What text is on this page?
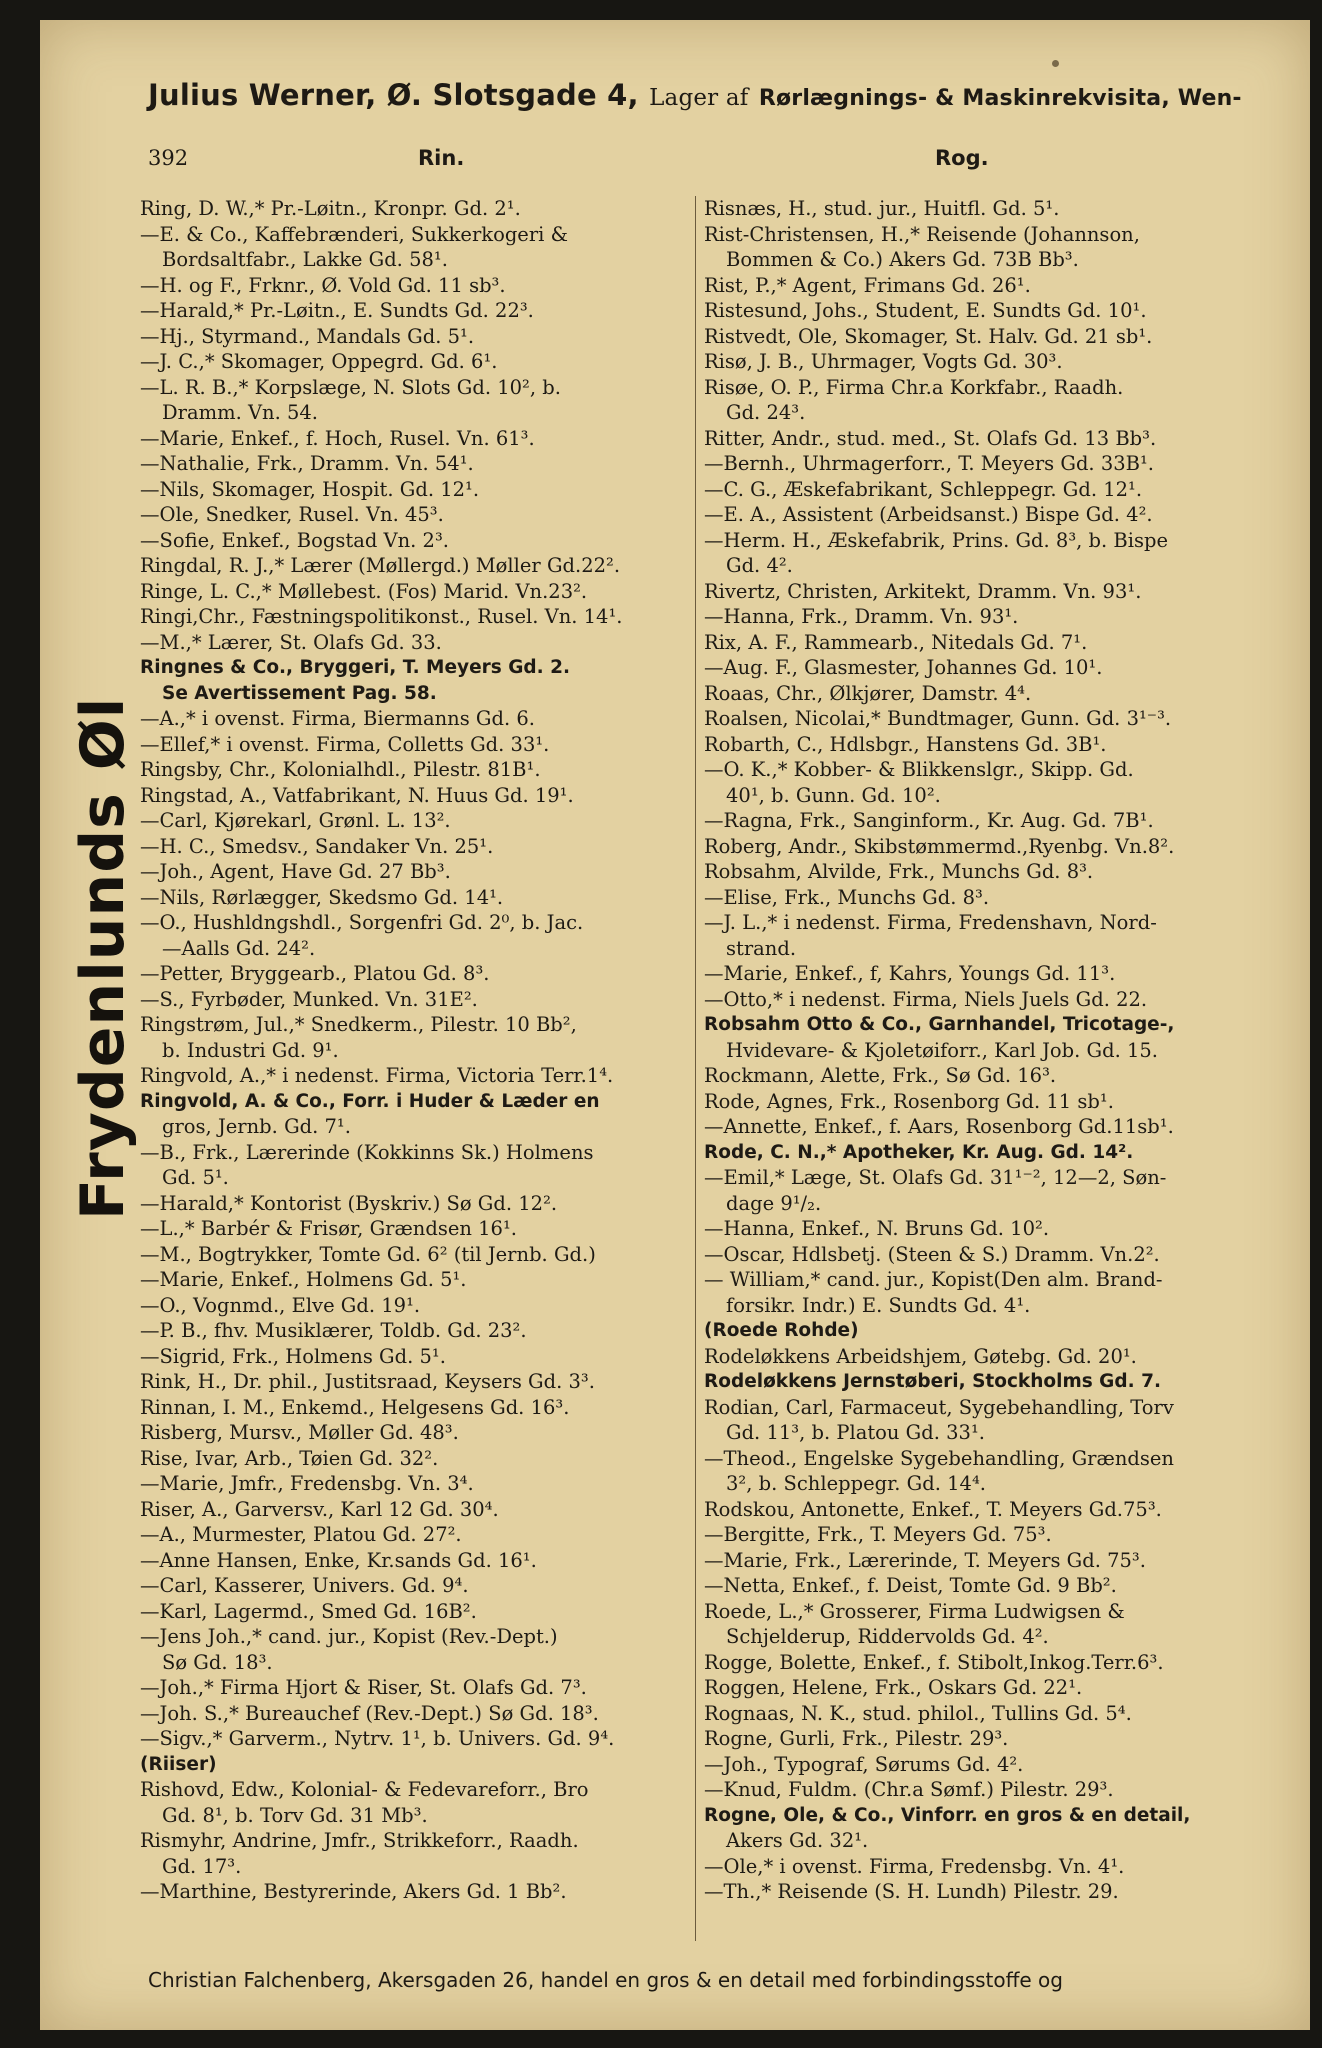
Julius Werner, Ø. Slotsgade 4, Lager af Rørlægnings- & Maskinrekvisita, Wen-
392	Rin.	Rog.
Frydenlunds Øl
Ring, D. W.,* Pr.-Løitn., Kronpr. Gd. 2¹.
—E. & Co., Kaffebrænderi, Sukkerkogeri &
Bordsaltfabr., Lakke Gd. 58¹.
—H. og F., Frknr., Ø. Vold Gd. 11 sb³.
—Harald,* Pr.-Løitn., E. Sundts Gd. 22³.
—Hj., Styrmand., Mandals Gd. 5¹.
—J. C.,* Skomager, Oppegrd. Gd. 6¹.
—L. R. B.,* Korpslæge, N. Slots Gd. 10², b.
Dramm. Vn. 54.
—Marie, Enkef., f. Hoch, Rusel. Vn. 61³.
—Nathalie, Frk., Dramm. Vn. 54¹.
—Nils, Skomager, Hospit. Gd. 12¹.
—Ole, Snedker, Rusel. Vn. 45³.
—Sofie, Enkef., Bogstad Vn. 2³.
Ringdal, R. J.,* Lærer (Møllergd.) Møller Gd.22².
Ringe, L. C.,* Møllebest. (Fos) Marid. Vn.23².
Ringi,Chr., Fæstningspolitikonst., Rusel. Vn. 14¹.
—M.,* Lærer, St. Olafs Gd. 33.
Ringnes & Co., Bryggeri, T. Meyers Gd. 2.
Se Avertissement Pag. 58.
—A.,* i ovenst. Firma, Biermanns Gd. 6.
—Ellef,* i ovenst. Firma, Colletts Gd. 33¹.
Ringsby, Chr., Kolonialhdl., Pilestr. 81B¹.
Ringstad, A., Vatfabrikant, N. Huus Gd. 19¹.
—Carl, Kjørekarl, Grønl. L. 13².
—H. C., Smedsv., Sandaker Vn. 25¹.
—Joh., Agent, Have Gd. 27 Bb³.
—Nils, Rørlægger, Skedsmo Gd. 14¹.
—O., Hushldngshdl., Sorgenfri Gd. 2⁰, b. Jac.
—Aalls Gd. 24².
—Petter, Bryggearb., Platou Gd. 8³.
—S., Fyrbøder, Munked. Vn. 31E².
Ringstrøm, Jul.,* Snedkerm., Pilestr. 10 Bb²,
b. Industri Gd. 9¹.
Ringvold, A.,* i nedenst. Firma, Victoria Terr.1⁴.
Ringvold, A. & Co., Forr. i Huder & Læder en
gros, Jernb. Gd. 7¹.
—B., Frk., Lærerinde (Kokkinns Sk.) Holmens
Gd. 5¹.
—Harald,* Kontorist (Byskriv.) Sø Gd. 12².
—L.,* Barbér & Frisør, Grændsen 16¹.
—M., Bogtrykker, Tomte Gd. 6² (til Jernb. Gd.)
—Marie, Enkef., Holmens Gd. 5¹.
—O., Vognmd., Elve Gd. 19¹.
—P. B., fhv. Musiklærer, Toldb. Gd. 23².
—Sigrid, Frk., Holmens Gd. 5¹.
Rink, H., Dr. phil., Justitsraad, Keysers Gd. 3³.
Rinnan, I. M., Enkemd., Helgesens Gd. 16³.
Risberg, Mursv., Møller Gd. 48³.
Rise, Ivar, Arb., Tøien Gd. 32².
—Marie, Jmfr., Fredensbg. Vn. 3⁴.
Riser, A., Garversv., Karl 12 Gd. 30⁴.
—A., Murmester, Platou Gd. 27².
—Anne Hansen, Enke, Kr.sands Gd. 16¹.
—Carl, Kasserer, Univers. Gd. 9⁴.
—Karl, Lagermd., Smed Gd. 16B².
—Jens Joh.,* cand. jur., Kopist (Rev.-Dept.)
Sø Gd. 18³.
—Joh.,* Firma Hjort & Riser, St. Olafs Gd. 7³.
—Joh. S.,* Bureauchef (Rev.-Dept.) Sø Gd. 18³.
—Sigv.,* Garverm., Nytrv. 1¹, b. Univers. Gd. 9⁴.
(Riiser)
Rishovd, Edw., Kolonial- & Fedevareforr., Bro
Gd. 8¹, b. Torv Gd. 31 Mb³.
Rismyhr, Andrine, Jmfr., Strikkeforr., Raadh.
Gd. 17³.
—Marthine, Bestyrerinde, Akers Gd. 1 Bb².
Risnæs, H., stud. jur., Huitfl. Gd. 5¹.
Rist-Christensen, H.,* Reisende (Johannson,
Bommen & Co.) Akers Gd. 73B Bb³.
Rist, P.,* Agent, Frimans Gd. 26¹.
Ristesund, Johs., Student, E. Sundts Gd. 10¹.
Ristvedt, Ole, Skomager, St. Halv. Gd. 21 sb¹.
Risø, J. B., Uhrmager, Vogts Gd. 30³.
Risøe, O. P., Firma Chr.a Korkfabr., Raadh.
Gd. 24³.
Ritter, Andr., stud. med., St. Olafs Gd. 13 Bb³.
—Bernh., Uhrmagerforr., T. Meyers Gd. 33B¹.
—C. G., Æskefabrikant, Schleppegr. Gd. 12¹.
—E. A., Assistent (Arbeidsanst.) Bispe Gd. 4².
—Herm. H., Æskefabrik, Prins. Gd. 8³, b. Bispe
Gd. 4².
Rivertz, Christen, Arkitekt, Dramm. Vn. 93¹.
—Hanna, Frk., Dramm. Vn. 93¹.
Rix, A. F., Rammearb., Nitedals Gd. 7¹.
—Aug. F., Glasmester, Johannes Gd. 10¹.
Roaas, Chr., Ølkjører, Damstr. 4⁴.
Roalsen, Nicolai,* Bundtmager, Gunn. Gd. 3¹⁻³.
Robarth, C., Hdlsbgr., Hanstens Gd. 3B¹.
—O. K.,* Kobber- & Blikkenslgr., Skipp. Gd.
40¹, b. Gunn. Gd. 10².
—Ragna, Frk., Sanginform., Kr. Aug. Gd. 7B¹.
Roberg, Andr., Skibstømmermd.,Ryenbg. Vn.8².
Robsahm, Alvilde, Frk., Munchs Gd. 8³.
—Elise, Frk., Munchs Gd. 8³.
—J. L.,* i nedenst. Firma, Fredenshavn, Nord-
strand.
—Marie, Enkef., f, Kahrs, Youngs Gd. 11³.
—Otto,* i nedenst. Firma, Niels Juels Gd. 22.
Robsahm Otto & Co., Garnhandel, Tricotage-,
Hvidevare- & Kjoletøiforr., Karl Job. Gd. 15.
Rockmann, Alette, Frk., Sø Gd. 16³.
Rode, Agnes, Frk., Rosenborg Gd. 11 sb¹.
—Annette, Enkef., f. Aars, Rosenborg Gd.11sb¹.
Rode, C. N.,* Apotheker, Kr. Aug. Gd. 14².
—Emil,* Læge, St. Olafs Gd. 31¹⁻², 12—2, Søn-
dage 9¹/₂.
—Hanna, Enkef., N. Bruns Gd. 10².
—Oscar, Hdlsbetj. (Steen & S.) Dramm. Vn.2².
— William,* cand. jur., Kopist(Den alm. Brand-
forsikr. Indr.) E. Sundts Gd. 4¹.
(Roede Rohde)
Rodeløkkens Arbeidshjem, Gøtebg. Gd. 20¹.
Rodeløkkens Jernstøberi, Stockholms Gd. 7.
Rodian, Carl, Farmaceut, Sygebehandling, Torv
Gd. 11³, b. Platou Gd. 33¹.
—Theod., Engelske Sygebehandling, Grændsen
3², b. Schleppegr. Gd. 14⁴.
Rodskou, Antonette, Enkef., T. Meyers Gd.75³.
—Bergitte, Frk., T. Meyers Gd. 75³.
—Marie, Frk., Lærerinde, T. Meyers Gd. 75³.
—Netta, Enkef., f. Deist, Tomte Gd. 9 Bb².
Roede, L.,* Grosserer, Firma Ludwigsen &
Schjelderup, Riddervolds Gd. 4².
Rogge, Bolette, Enkef., f. Stibolt,Inkog.Terr.6³.
Roggen, Helene, Frk., Oskars Gd. 22¹.
Rognaas, N. K., stud. philol., Tullins Gd. 5⁴.
Rogne, Gurli, Frk., Pilestr. 29³.
—Joh., Typograf, Sørums Gd. 4².
—Knud, Fuldm. (Chr.a Sømf.) Pilestr. 29³.
Rogne, Ole, & Co., Vinforr. en gros & en detail,
Akers Gd. 32¹.
—Ole,* i ovenst. Firma, Fredensbg. Vn. 4¹.
—Th.,* Reisende (S. H. Lundh) Pilestr. 29.
Christian Falchenberg, Akersgaden 26, handel en gros & en detail med forbindingsstoffe og
